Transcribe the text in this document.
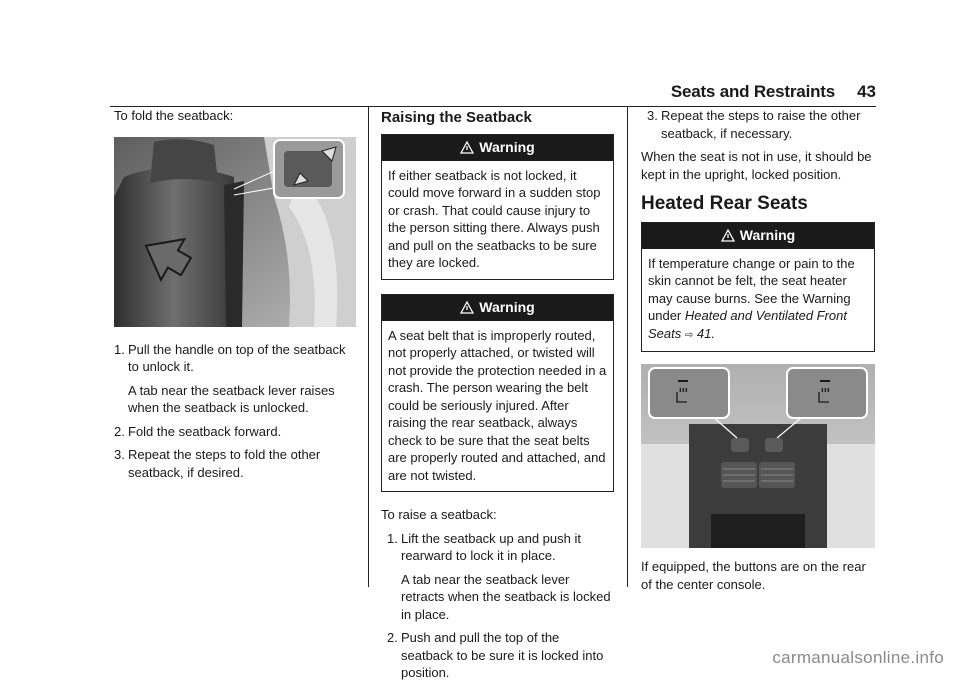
Seats and Restraints 43

To fold the seatback:

1. Pull the handle on top of the seatback to unlock it.
A tab near the seatback lever raises when the seatback is unlocked.
2. Fold the seatback forward.
3. Repeat the steps to fold the other seatback, if desired.
Raising the Seatback
Warning
If either seatback is not locked, it could move forward in a sudden stop or crash. That could cause injury to the person sitting there. Always push and pull on the seatbacks to be sure they are locked.
Warning
A seat belt that is improperly routed, not properly attached, or twisted will not provide the protection needed in a crash. The person wearing the belt could be seriously injured. After raising the rear seatback, always check to be sure that the seat belts are properly routed and attached, and are not twisted.

To raise a seatback:

1. Lift the seatback up and push it rearward to lock it in place.
A tab near the seatback lever retracts when the seatback is locked in place.
2. Push and pull the top of the seatback to be sure it is locked into position.
3. Repeat the steps to raise the other seatback, if necessary.

When the seat is not in use, it should be kept in the upright, locked position.

Heated Rear Seats
Warning
If temperature change or pain to the skin cannot be felt, the seat heater may cause burns. See the Warning under Heated and Ventilated Front Seats ⇨ 41.

If equipped, the buttons are on the rear of the center console.

carmanualsonline.info
